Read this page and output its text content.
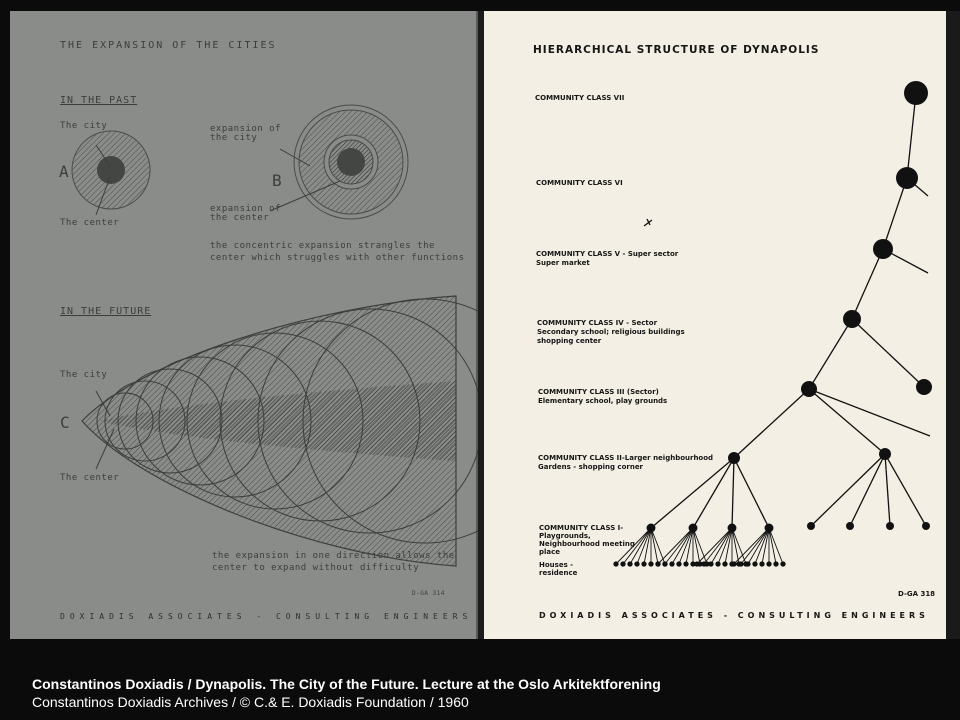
THE EXPANSION OF THE CITIES
IN THE PAST
The city
A
The center
expansion of
the city
B
expansion of
the center
the concentric expansion strangles the
center which struggles with other functions
IN THE FUTURE
The city
C
The center
the expansion in one direction allows the
center to expand without difficulty
D-GA 314
DOXIADIS ASSOCIATES - CONSULTING ENGINEERS
HIERARCHICAL STRUCTURE OF DYNAPOLIS
COMMUNITY CLASS VII
COMMUNITY CLASS VI
COMMUNITY CLASS V - Super sector
Super market
COMMUNITY CLASS IV - Sector
Secondary school; religious buildings
shopping center
COMMUNITY CLASS III (Sector)
Elementary school, play grounds
COMMUNITY CLASS II-Larger neighbourhood
Gardens - shopping corner
COMMUNITY CLASS I-
Playgrounds,
Neighbourhood meeting
place
Houses -
residence
D-GA 318
DOXIADIS ASSOCIATES - CONSULTING ENGINEERS
Constantinos Doxiadis / Dynapolis. The City of the Future. Lecture at the Oslo Arkitektforening
Constantinos Doxiadis Archives / © C.& E. Doxiadis Foundation / 1960
